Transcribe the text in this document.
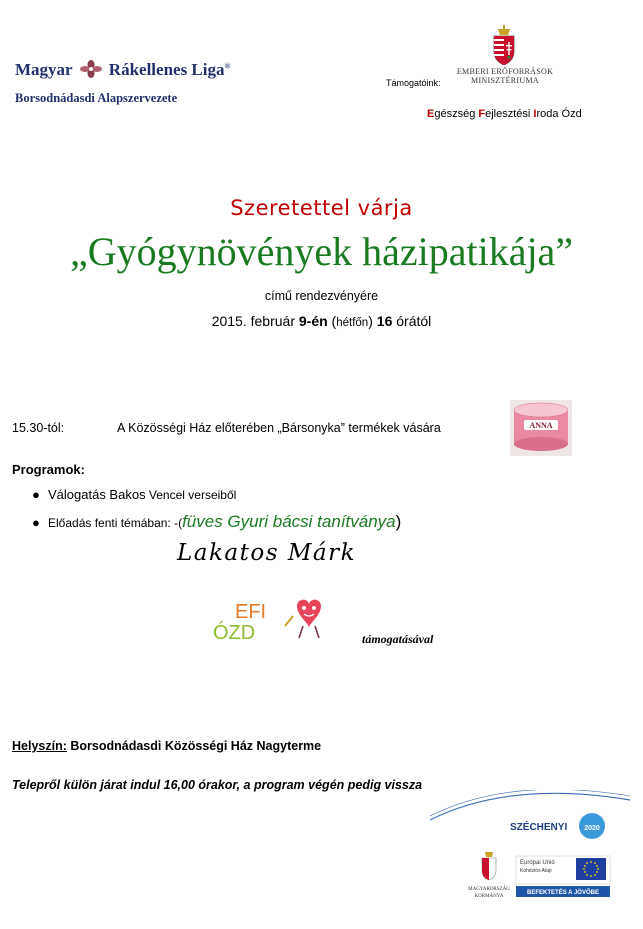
Magyar Rákellenes Liga®
Borsodnádasdi Alapszervezete
Támogatóink:
EMBERI ERŐFORRÁSOK
MINISZTÉRIUMA
Egészség Fejlesztési Iroda Ózd
Szeretettel várja
„Gyógynövények házipatikája”
című rendezvényére
2015. február 9-én (hétfőn) 16 órától
15.30-tól:	A Közösségi Ház előterében „Bársonyka” termékek vására	ANNA
Programok:
● Válogatás Bakos Vencel verseiből
● Előadás fenti témában: -(füves Gyuri bácsi tanítványa)
Lakatos Márk
EFI
ÓZD	támogatásával
Helyszín: Borsodnádasdi Közösségi Ház Nagyterme
Telepről külön járat indul 16,00 órakor, a program végén pedig vissza
SZÉCHENYI 2020
MAGYARORSZÁG
KORMÁNYA
Európai Unió
Kohéziós Alap
BEFEKTETÉS A JÖVŐBE
